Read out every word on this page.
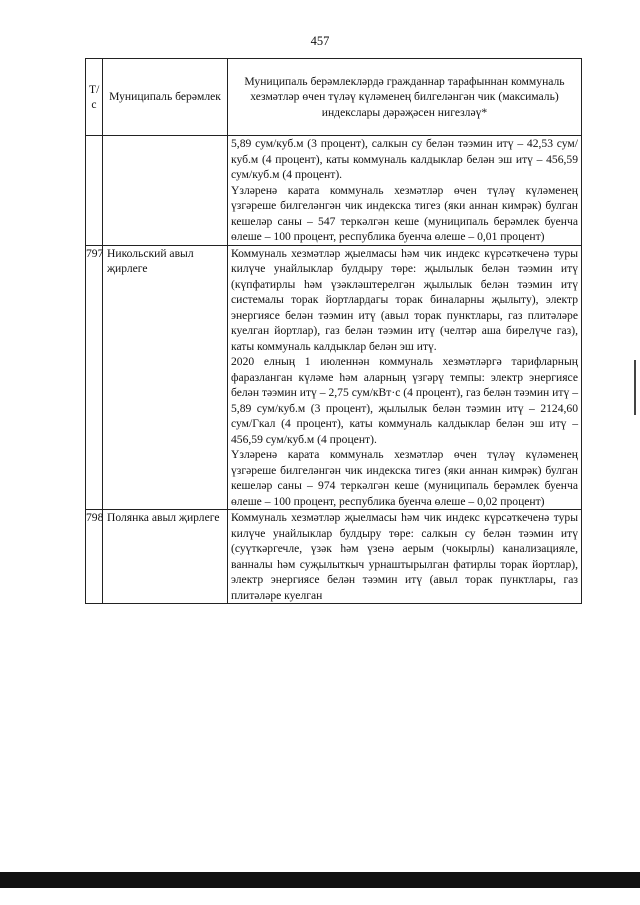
457
Т/с	Муниципаль берәмлек	Муниципаль берәмлекләрдә гражданнар тарафыннан коммуналь хезмәтләр өчен түләү күләменең билгеләнгән чик (максималь) индекслары дәрәҗәсен нигезләү*

		5,89 сум/куб.м (3 процент), салкын су белән тәэмин итү – 42,53 сум/куб.м (4 процент), каты коммуналь калдыклар белән эш итү – 456,59 сум/куб.м (4 процент).

Үзләренә карата коммуналь хезмәтләр өчен түләү күләменең үзгәреше билгеләнгән чик индекска тигез (яки аннан кимрәк) булган кешеләр саны – 547 теркәлгән кеше (муниципаль берәмлек буенча өлеше – 100 процент, республика буенча өлеше – 0,01 процент)

797	Никольский авыл җирлеге	Коммуналь хезмәтләр җыелмасы һәм чик индекс күрсәткеченә туры килүче унайлыклар булдыру төре: җылылык белән тәэмин итү (күпфатирлы һәм үзәкләштерелгән җылылык белән тәэмин итү системалы торак йортлардагы торак биналарны җылыту), электр энергиясе белән тәэмин итү (авыл торак пунктлары, газ плитәләре куелган йортлар), газ белән тәэмин итү (челтәр аша бирелүче газ), каты коммуналь калдыклар белән эш итү.

2020 елның 1 июленнән коммуналь хезмәтләргә тарифларның фаразланган күләме һәм аларның үзгәрү темпы: электр энергиясе белән тәэмин итү – 2,75 сум/кВт·с (4 процент), газ белән тәэмин итү – 5,89 сум/куб.м (3 процент), җылылык белән тәэмин итү – 2124,60 сум/Гкал (4 процент), каты коммуналь калдыклар белән эш итү – 456,59 сум/куб.м (4 процент).

Үзләренә карата коммуналь хезмәтләр өчен түләү күләменең үзгәреше билгеләнгән чик индекска тигез (яки аннан кимрәк) булган кешеләр саны – 974 теркәлгән кеше (муниципаль берәмлек буенча өлеше – 100 процент, республика буенча өлеше – 0,02 процент)

798	Полянка авыл җирлеге	Коммуналь хезмәтләр җыелмасы һәм чик индекс күрсәткеченә туры килүче унайлыклар булдыру төре: салкын су белән тәэмин итү (суүткәргечле, үзәк һәм үзенә аерым (чокырлы) канализацияле, ванналы һәм суҗылыткыч урнаштырылган фатирлы торак йортлар), электр энергиясе белән тәэмин итү (авыл торак пунктлары, газ плитәләре куелган
